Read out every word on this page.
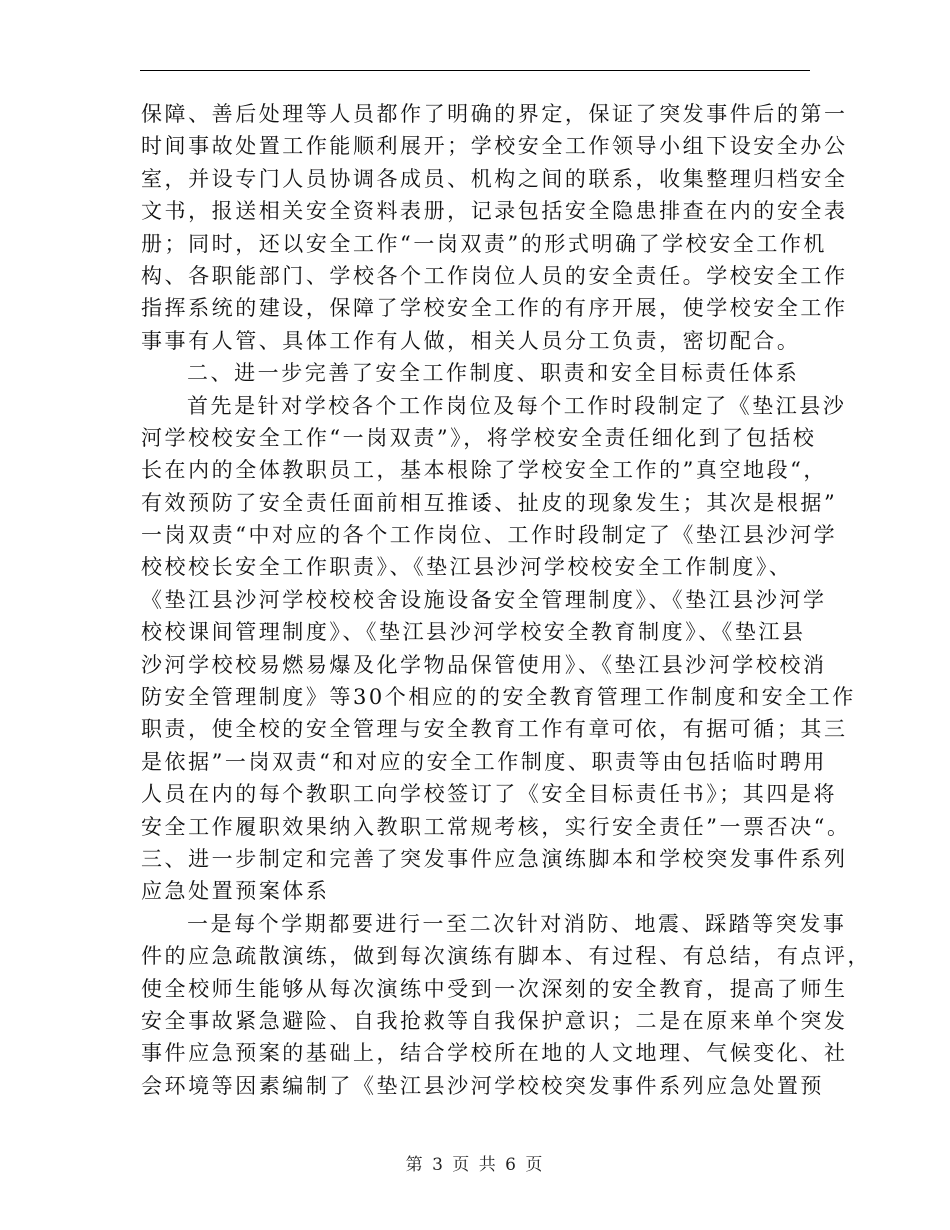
保障、善后处理等人员都作了明确的界定，保证了突发事件后的第一
时间事故处置工作能顺利展开；学校安全工作领导小组下设安全办公
室，并设专门人员协调各成员、机构之间的联系，收集整理归档安全
文书，报送相关安全资料表册，记录包括安全隐患排查在内的安全表
册；同时，还以安全工作“一岗双责”的形式明确了学校安全工作机
构、各职能部门、学校各个工作岗位人员的安全责任。学校安全工作
指挥系统的建设，保障了学校安全工作的有序开展，使学校安全工作
事事有人管、具体工作有人做，相关人员分工负责，密切配合。
二、进一步完善了安全工作制度、职责和安全目标责任体系
首先是针对学校各个工作岗位及每个工作时段制定了《垫江县沙
河学校校安全工作“一岗双责”》，将学校安全责任细化到了包括校
长在内的全体教职员工，基本根除了学校安全工作的”真空地段“，
有效预防了安全责任面前相互推诿、扯皮的现象发生；其次是根据”
一岗双责“中对应的各个工作岗位、工作时段制定了《垫江县沙河学
校校校长安全工作职责》、《垫江县沙河学校校安全工作制度》、
《垫江县沙河学校校校舍设施设备安全管理制度》、《垫江县沙河学
校校课间管理制度》、《垫江县沙河学校安全教育制度》、《垫江县
沙河学校校易燃易爆及化学物品保管使用》、《垫江县沙河学校校消
防安全管理制度》等30个相应的的安全教育管理工作制度和安全工作
职责，使全校的安全管理与安全教育工作有章可依，有据可循；其三
是依据”一岗双责“和对应的安全工作制度、职责等由包括临时聘用
人员在内的每个教职工向学校签订了《安全目标责任书》；其四是将
安全工作履职效果纳入教职工常规考核，实行安全责任”一票否决“。
三、进一步制定和完善了突发事件应急演练脚本和学校突发事件系列
应急处置预案体系
一是每个学期都要进行一至二次针对消防、地震、踩踏等突发事
件的应急疏散演练，做到每次演练有脚本、有过程、有总结，有点评，
使全校师生能够从每次演练中受到一次深刻的安全教育，提高了师生
安全事故紧急避险、自我抢救等自我保护意识；二是在原来单个突发
事件应急预案的基础上，结合学校所在地的人文地理、气候变化、社
会环境等因素编制了《垫江县沙河学校校突发事件系列应急处置预
第 3 页 共 6 页
